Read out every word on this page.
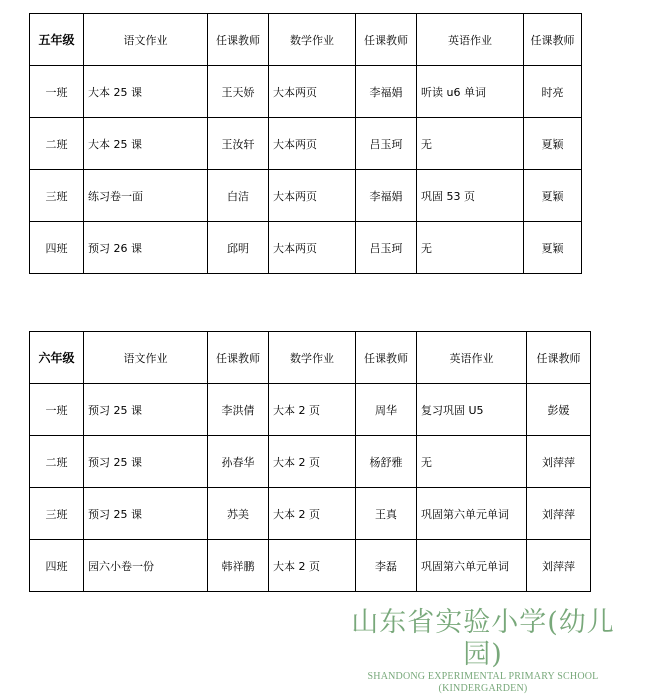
五年级	语文作业	任课教师	数学作业	任课教师	英语作业	任课教师
一班	大本 25 课	王天娇	大本两页	李福娟	听读 u6 单词	时亮
二班	大本 25 课	王汝轩	大本两页	吕玉珂	无	夏颖
三班	练习卷一面	白洁	大本两页	李福娟	巩固 53 页	夏颖
四班	预习 26 课	邱明	大本两页	吕玉珂	无	夏颖
六年级	语文作业	任课教师	数学作业	任课教师	英语作业	任课教师
一班	预习 25 课	李洪倩	大本 2 页	周华	复习巩固 U5	彭媛
二班	预习 25 课	孙春华	大本 2 页	杨舒雅	无	刘萍萍
三班	预习 25 课	苏美	大本 2 页	王真	巩固第六单元单词	刘萍萍
四班	园六小卷一份	韩祥鹏	大本 2 页	李磊	巩固第六单元单词	刘萍萍
山东省实验小学(幼儿园)
SHANDONG EXPERIMENTAL PRIMARY SCHOOL (KINDERGARDEN)
